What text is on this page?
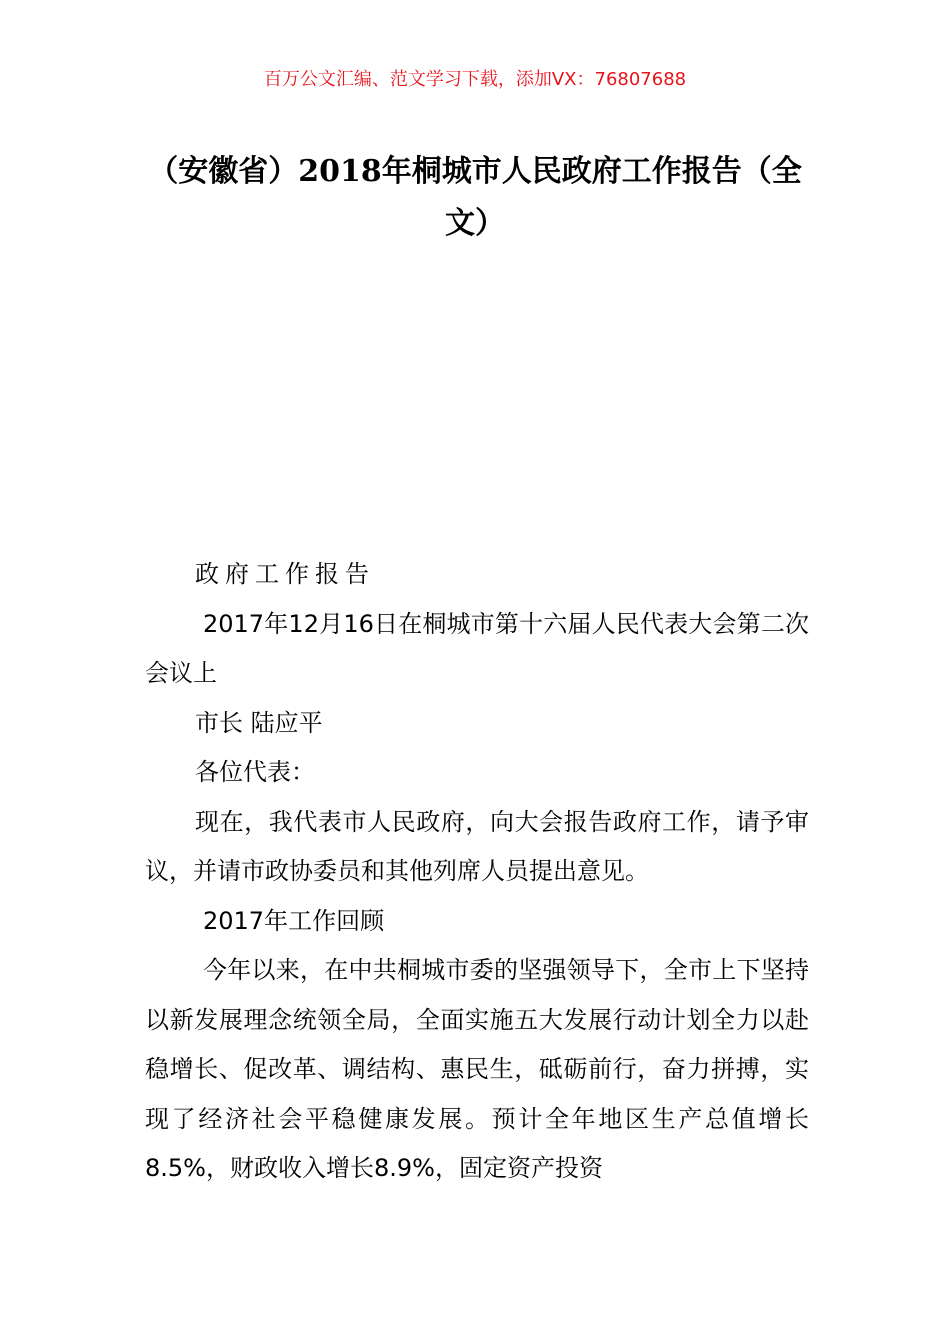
百万公文汇编、范文学习下载，添加VX：76807688
（安徽省）2018年桐城市人民政府工作报告（全文）

政府工作报告

2017年12月16日在桐城市第十六届人民代表大会第二次会议上

市长 陆应平

各位代表：

现在，我代表市人民政府，向大会报告政府工作，请予审议，并请市政协委员和其他列席人员提出意见。

2017年工作回顾

今年以来，在中共桐城市委的坚强领导下，全市上下坚持以新发展理念统领全局，全面实施五大发展行动计划全力以赴稳增长、促改革、调结构、惠民生，砥砺前行，奋力拼搏，实现了经济社会平稳健康发展。预计全年地区生产总值增长8.5%，财政收入增长8.9%，固定资产投资
